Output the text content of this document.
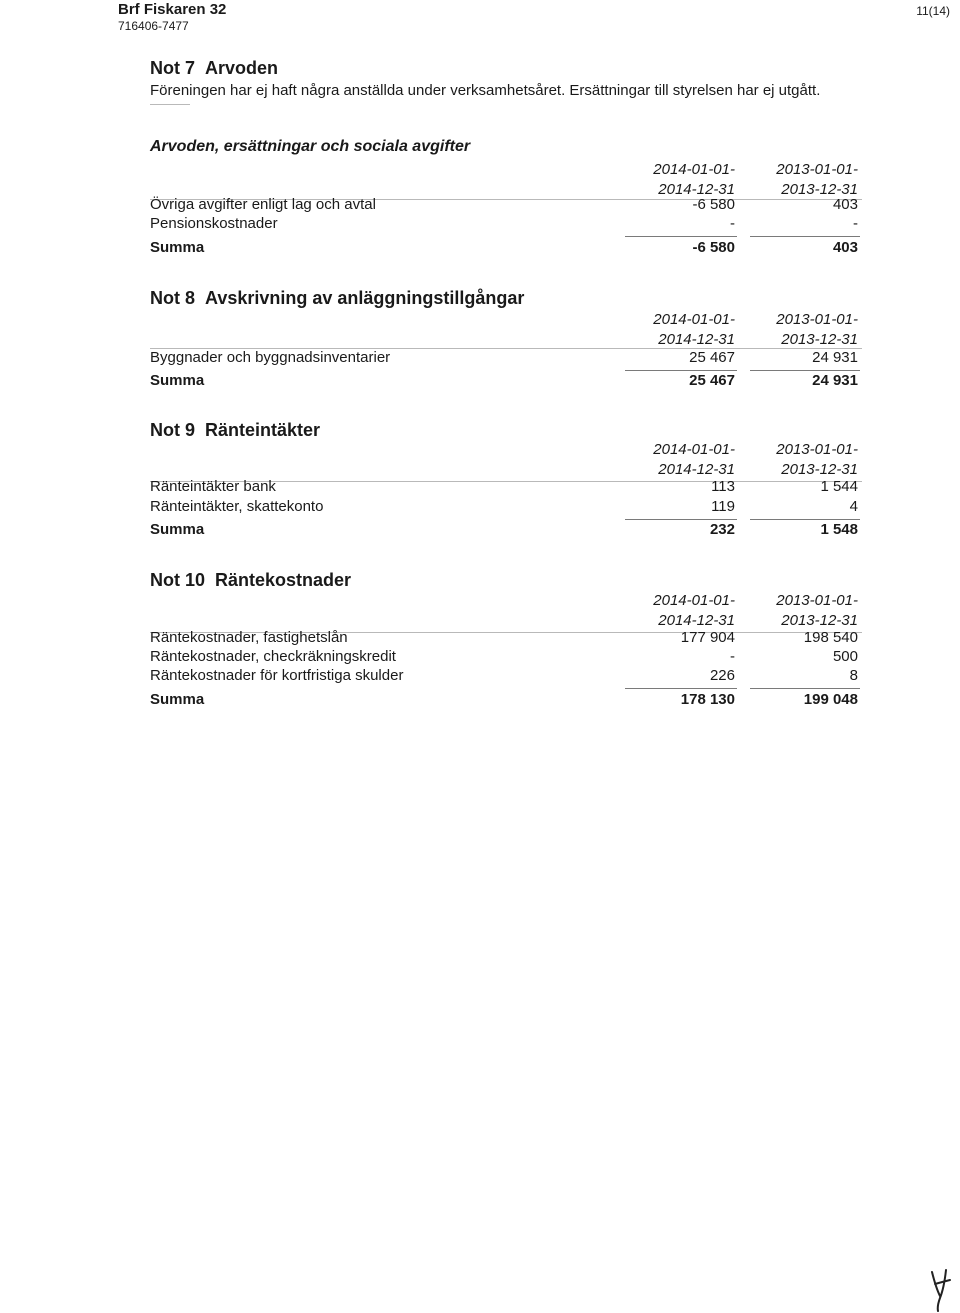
Brf Fiskaren 32
716406-7477
11(14)
Not 7 Arvoden
Föreningen har ej haft några anställda under verksamhetsåret. Ersättningar till styrelsen har ej utgått.
Arvoden, ersättningar och sociala avgifter
2014-01-01-
2014-12-31
2013-01-01-
2013-12-31
Övriga avgifter enligt lag och avtal	-6 580	403
Pensionskostnader	-	-
Summa	-6 580	403
Not 8 Avskrivning av anläggningstillgångar
2014-01-01-
2014-12-31
2013-01-01-
2013-12-31
Byggnader och byggnadsinventarier	25 467	24 931
Summa	25 467	24 931
Not 9 Ränteintäkter
2014-01-01-
2014-12-31
2013-01-01-
2013-12-31
Ränteintäkter bank	113	1 544
Ränteintäkter, skattekonto	119	4
Summa	232	1 548
Not 10 Räntekostnader
2014-01-01-
2014-12-31
2013-01-01-
2013-12-31
Räntekostnader, fastighetslån	177 904	198 540
Räntekostnader, checkräkningskredit	-	500
Räntekostnader för kortfristiga skulder	226	8
Summa	178 130	199 048
